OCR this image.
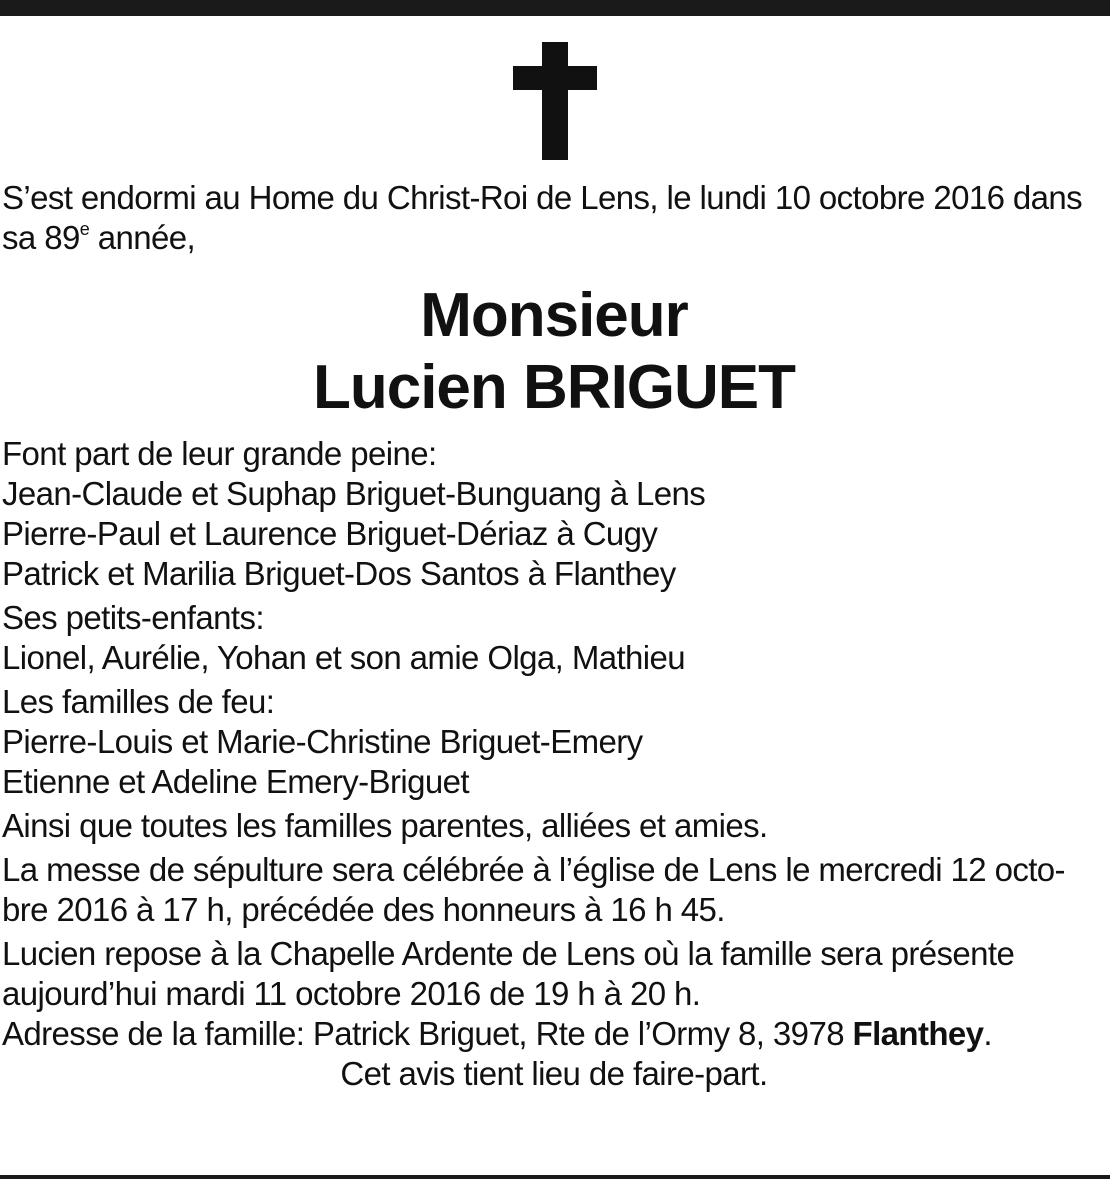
S’est endormi au Home du Christ-Roi de Lens, le lundi 10 octobre 2016 dans
sa 89e année,

Monsieur
Lucien BRIGUET

Font part de leur grande peine:

Jean-Claude et Suphap Briguet-Bunguang à Lens

Pierre-Paul et Laurence Briguet-Dériaz à Cugy

Patrick et Marilia Briguet-Dos Santos à Flanthey

Ses petits-enfants:

Lionel, Aurélie, Yohan et son amie Olga, Mathieu

Les familles de feu:

Pierre-Louis et Marie-Christine Briguet-Emery

Etienne et Adeline Emery-Briguet

Ainsi que toutes les familles parentes, alliées et amies.

La messe de sépulture sera célébrée à l’église de Lens le mercredi 12 octo-

bre 2016 à 17 h, précédée des honneurs à 16 h 45.

Lucien repose à la Chapelle Ardente de Lens où la famille sera présente

aujourd’hui mardi 11 octobre 2016 de 19 h à 20 h.

Adresse de la famille: Patrick Briguet, Rte de l’Ormy 8, 3978 Flanthey.

Cet avis tient lieu de faire-part.
